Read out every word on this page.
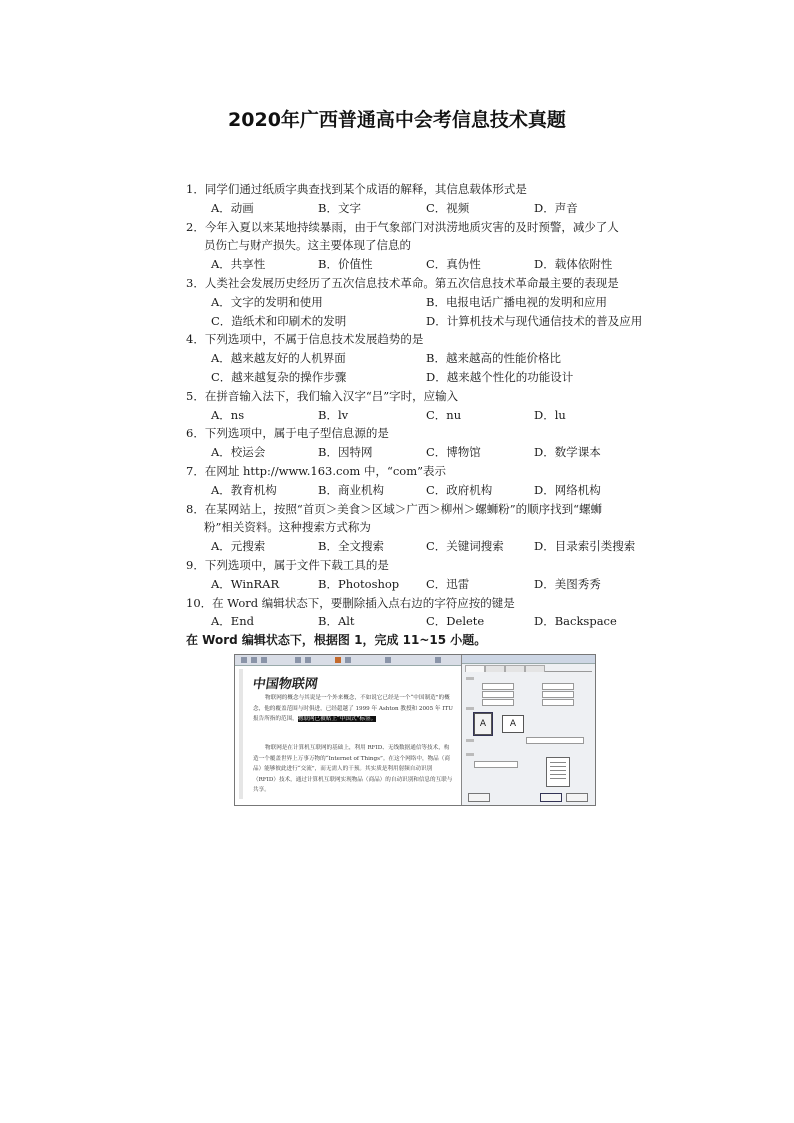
2020年广西普通高中会考信息技术真题
1．同学们通过纸质字典查找到某个成语的解释，其信息载体形式是
A．动画	B．文字	C．视频	D．声音
2．今年入夏以来某地持续暴雨，由于气象部门对洪涝地质灾害的及时预警，减少了人
员伤亡与财产损失。这主要体现了信息的
A．共享性	B．价值性	C．真伪性	D．载体依附性
3．人类社会发展历史经历了五次信息技术革命。第五次信息技术革命最主要的表现是
A．文字的发明和使用	B．电报电话广播电视的发明和应用
C．造纸术和印刷术的发明	D．计算机技术与现代通信技术的普及应用
4．下列选项中，不属于信息技术发展趋势的是
A．越来越友好的人机界面	B．越来越高的性能价格比
C．越来越复杂的操作步骤	D．越来越个性化的功能设计
5．在拼音输入法下，我们输入汉字“吕”字时，应输入
A．ns	B．lv	C．nu	D．lu
6．下列选项中，属于电子型信息源的是
A．校运会	B．因特网	C．博物馆	D．数学课本
7．在网址 http://www.163.com 中，“com”表示
A．教育机构	B．商业机构	C．政府机构	D．网络机构
8．在某网站上，按照“首页＞美食＞区域＞广西＞柳州＞螺蛳粉”的顺序找到“螺蛳
粉”相关资料。这种搜索方式称为
A．元搜索	B．全文搜索	C．关键词搜索	D．目录索引类搜索
9．下列选项中，属于文件下载工具的是
A．WinRAR	B．Photoshop C．迅雷	D．美图秀秀
10．在 Word 编辑状态下，要删除插入点右边的字符应按的键是
A．End	B．Alt	C．Delete	D．Backspace
在 Word 编辑状态下，根据图 1，完成 11~15 小题。
中国物联网
物联网的概念与其说是一个外来概念，不如说它已经是一个“中国制造”的概念，他的覆盖范围与时俱进，已经超越了 1999 年 Ashton 教授和 2005 年 ITU 报告所指的范围，物联网已被贴上“中国式”标签。
物联网是在计算机互联网的基础上，利用 RFID、无线数据通信等技术，构造一个覆盖世界上万事万物的“Internet of Things”。在这个网络中，物品（商品）能够彼此进行“交流”，而无需人的干预。其实质是利用射频自动识别（RFID）技术，通过计算机互联网实现物品（商品）的自动识别和信息的互联与共享。
A	A
